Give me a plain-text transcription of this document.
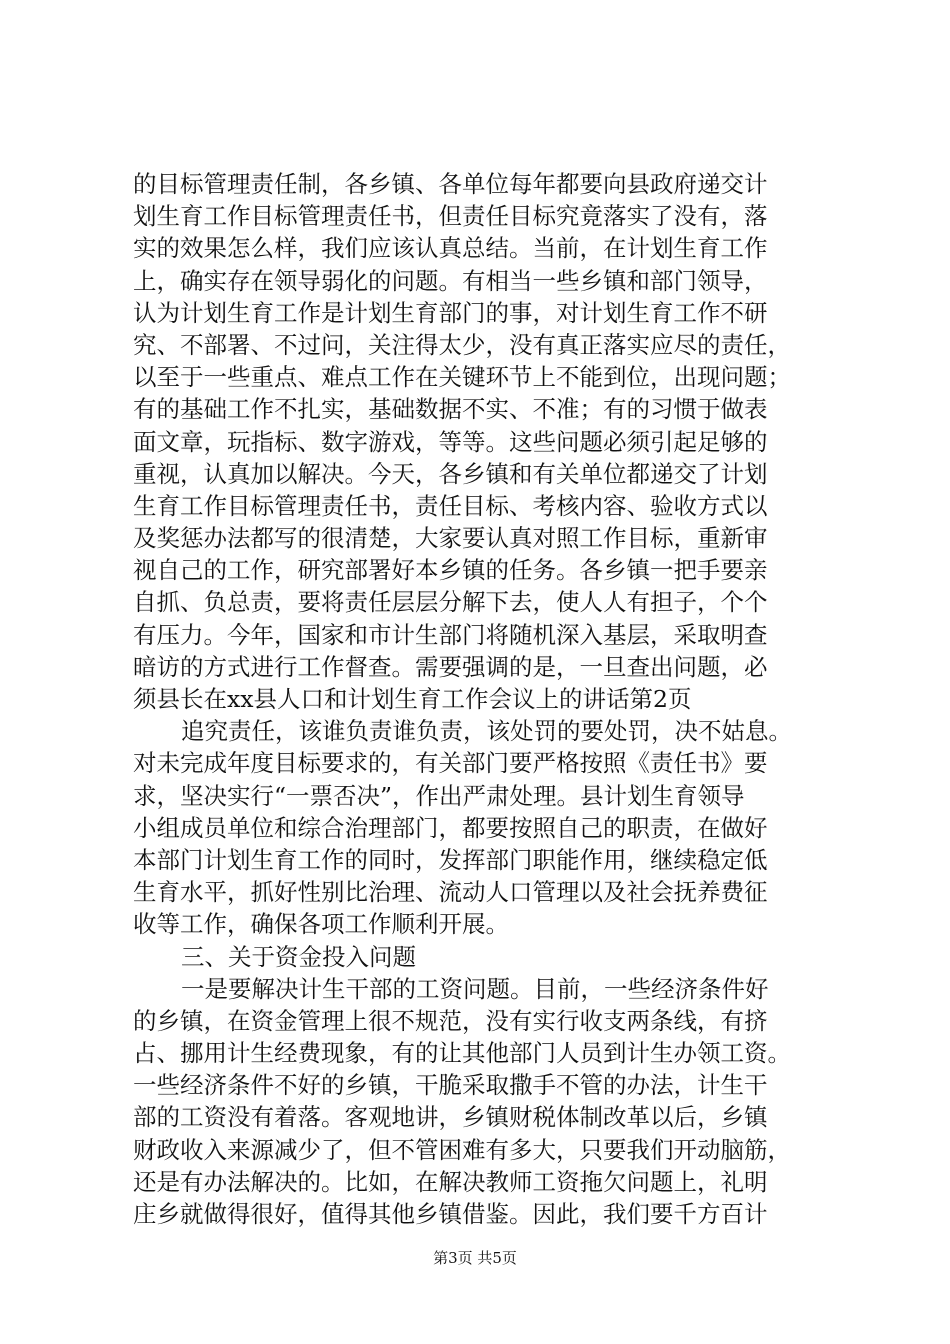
的目标管理责任制，各乡镇、各单位每年都要向县政府递交计
划生育工作目标管理责任书，但责任目标究竟落实了没有，落
实的效果怎么样，我们应该认真总结。当前，在计划生育工作
上，确实存在领导弱化的问题。有相当一些乡镇和部门领导，
认为计划生育工作是计划生育部门的事，对计划生育工作不研
究、不部署、不过问，关注得太少，没有真正落实应尽的责任，
以至于一些重点、难点工作在关键环节上不能到位，出现问题；
有的基础工作不扎实，基础数据不实、不准；有的习惯于做表
面文章，玩指标、数字游戏，等等。这些问题必须引起足够的
重视，认真加以解决。今天，各乡镇和有关单位都递交了计划
生育工作目标管理责任书，责任目标、考核内容、验收方式以
及奖惩办法都写的很清楚，大家要认真对照工作目标，重新审
视自己的工作，研究部署好本乡镇的任务。各乡镇一把手要亲
自抓、负总责，要将责任层层分解下去，使人人有担子，个个
有压力。今年，国家和市计生部门将随机深入基层，采取明查
暗访的方式进行工作督查。需要强调的是，一旦查出问题，必
须县长在xx县人口和计划生育工作会议上的讲话第2页
追究责任，该谁负责谁负责，该处罚的要处罚，决不姑息。
对未完成年度目标要求的，有关部门要严格按照《责任书》要
求，坚决实行“一票否决”，作出严肃处理。县计划生育领导
小组成员单位和综合治理部门，都要按照自己的职责，在做好
本部门计划生育工作的同时，发挥部门职能作用，继续稳定低
生育水平，抓好性别比治理、流动人口管理以及社会抚养费征
收等工作，确保各项工作顺利开展。
三、关于资金投入问题
一是要解决计生干部的工资问题。目前，一些经济条件好
的乡镇，在资金管理上很不规范，没有实行收支两条线，有挤
占、挪用计生经费现象，有的让其他部门人员到计生办领工资。
一些经济条件不好的乡镇，干脆采取撒手不管的办法，计生干
部的工资没有着落。客观地讲，乡镇财税体制改革以后，乡镇
财政收入来源减少了，但不管困难有多大，只要我们开动脑筋，
还是有办法解决的。比如，在解决教师工资拖欠问题上，礼明
庄乡就做得很好，值得其他乡镇借鉴。因此，我们要千方百计
第3页 共5页
